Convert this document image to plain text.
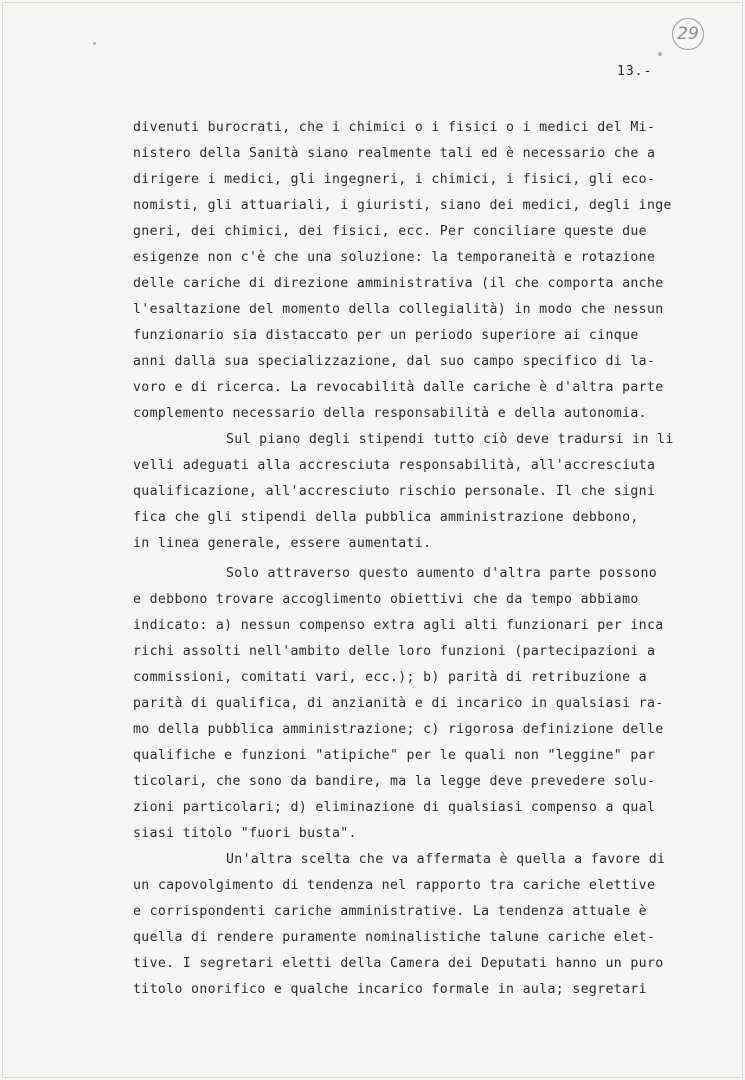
29
13.-
divenuti burocrati, che i chimici o i fisici o i medici del Mi-
nistero della Sanità siano realmente tali ed è necessario che a
dirigere i medici, gli ingegneri, i chimici, i fisici, gli eco-
nomisti, gli attuariali, i giuristi, siano dei medici, degli inge
gneri, dei chimici, dei fisici, ecc. Per conciliare queste due
esigenze non c'è che una soluzione: la temporaneità e rotazione
delle cariche di direzione amministrativa (il che comporta anche
l'esaltazione del momento della collegialità) in modo che nessun
funzionario sia distaccato per un periodo superiore ai cinque
anni dalla sua specializzazione, dal suo campo specifico di la-
voro e di ricerca. La revocabilità dalle cariche è d'altra parte
complemento necessario della responsabilità e della autonomia.
Sul piano degli stipendi tutto ciò deve tradursi in li
velli adeguati alla accresciuta responsabilità, all'accresciuta
qualificazione, all'accresciuto rischio personale. Il che signi
fica che gli stipendi della pubblica amministrazione debbono,
in linea generale, essere aumentati.
Solo attraverso questo aumento d'altra parte possono
e debbono trovare accoglimento obiettivi che da tempo abbiamo
indicato: a) nessun compenso extra agli alti funzionari per inca
richi assolti nell'ambito delle loro funzioni (partecipazioni a
commissioni, comitati vari, ecc.); b) parità di retribuzione a
parità di qualifica, di anzianità e di incarico in qualsiasi ra-
mo della pubblica amministrazione; c) rigorosa definizione delle
qualifiche e funzioni "atipiche" per le quali non "leggine" par
ticolari, che sono da bandire, ma la legge deve prevedere solu-
zioni particolari; d) eliminazione di qualsiasi compenso a qual
siasi titolo "fuori busta".
Un'altra scelta che va affermata è quella a favore di
un capovolgimento di tendenza nel rapporto tra cariche elettive
e corrispondenti cariche amministrative. La tendenza attuale è
quella di rendere puramente nominalistiche talune cariche elet-
tive. I segretari eletti della Camera dei Deputati hanno un puro
titolo onorifico e qualche incarico formale in aula; segretari
